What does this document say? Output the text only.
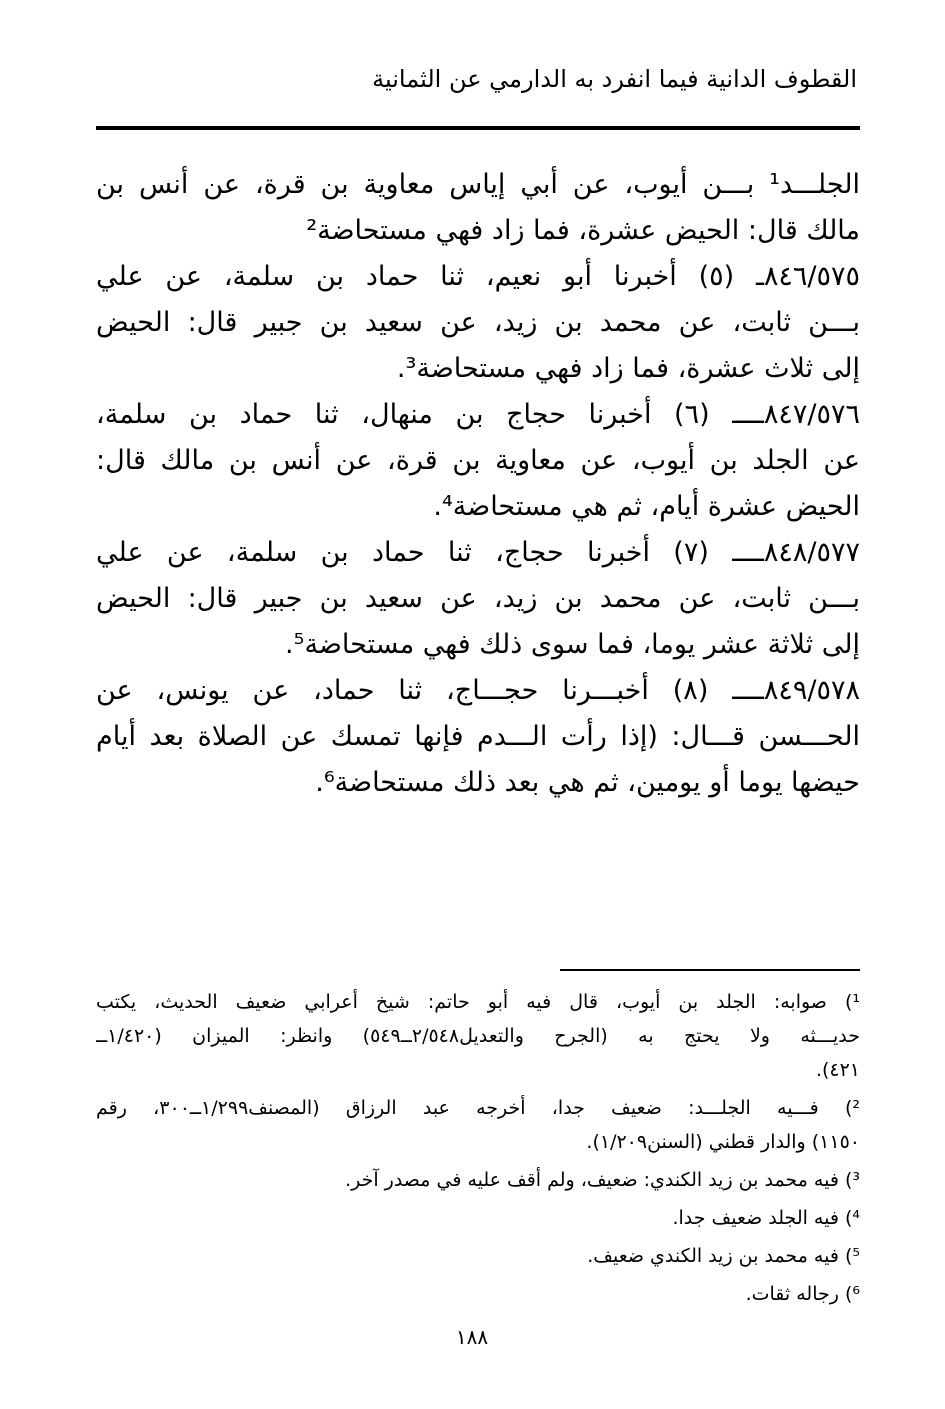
القطوف الدانية فيما انفرد به الدارمي عن الثمانية
الجلـــد¹ بـــن أيوب، عن أبي إياس معاوية بن قرة، عن أنس بن
مالك قال: الحيض عشرة، فما زاد فهي مستحاضة²
٨٤٦/٥٧٥ـ (٥) أخبرنا أبو نعيم، ثنا حماد بن سلمة، عن علي
بـــن ثابت، عن محمد بن زيد، عن سعيد بن جبير قال: الحيض
إلى ثلاث عشرة، فما زاد فهي مستحاضة³.
٨٤٧/٥٧٦ــــ (٦) أخبرنا حجاج بن منهال، ثنا حماد بن سلمة،
عن الجلد بن أيوب، عن معاوية بن قرة، عن أنس بن مالك قال:
الحيض عشرة أيام، ثم هي مستحاضة⁴.
٨٤٨/٥٧٧ــــ (٧) أخبرنا حجاج، ثنا حماد بن سلمة، عن علي
بـــن ثابت، عن محمد بن زيد، عن سعيد بن جبير قال: الحيض
إلى ثلاثة عشر يوما، فما سوى ذلك فهي مستحاضة⁵.
٨٤٩/٥٧٨ــــ (٨) أخبـــرنا حجـــاج، ثنا حماد، عن يونس، عن
الحـــسن قـــال: (إذا رأت الـــدم فإنها تمسك عن الصلاة بعد أيام
حيضها يوما أو يومين، ثم هي بعد ذلك مستحاضة⁶.
¹) صوابه: الجلد بن أيوب، قال فيه أبو حاتم: شيخ أعرابي ضعيف الحديث، يكتب
حديـــثه ولا يحتج به (الجرح والتعديل٢/٥٤٨ــ٥٤٩) وانظر: الميزان (١/٤٢٠ــ
٤٢١).
²) فـــيه الجلـــد: ضعيف جدا، أخرجه عبد الرزاق (المصنف١/٢٩٩ــ٣٠٠، رقم
١١٥٠) والدار قطني (السنن١/٢٠٩).
³) فيه محمد بن زيد الكندي: ضعيف، ولم أقف عليه في مصدر آخر.
⁴) فيه الجلد ضعيف جدا.
⁵) فيه محمد بن زيد الكندي ضعيف.
⁶) رجاله ثقات.
١٨٨
